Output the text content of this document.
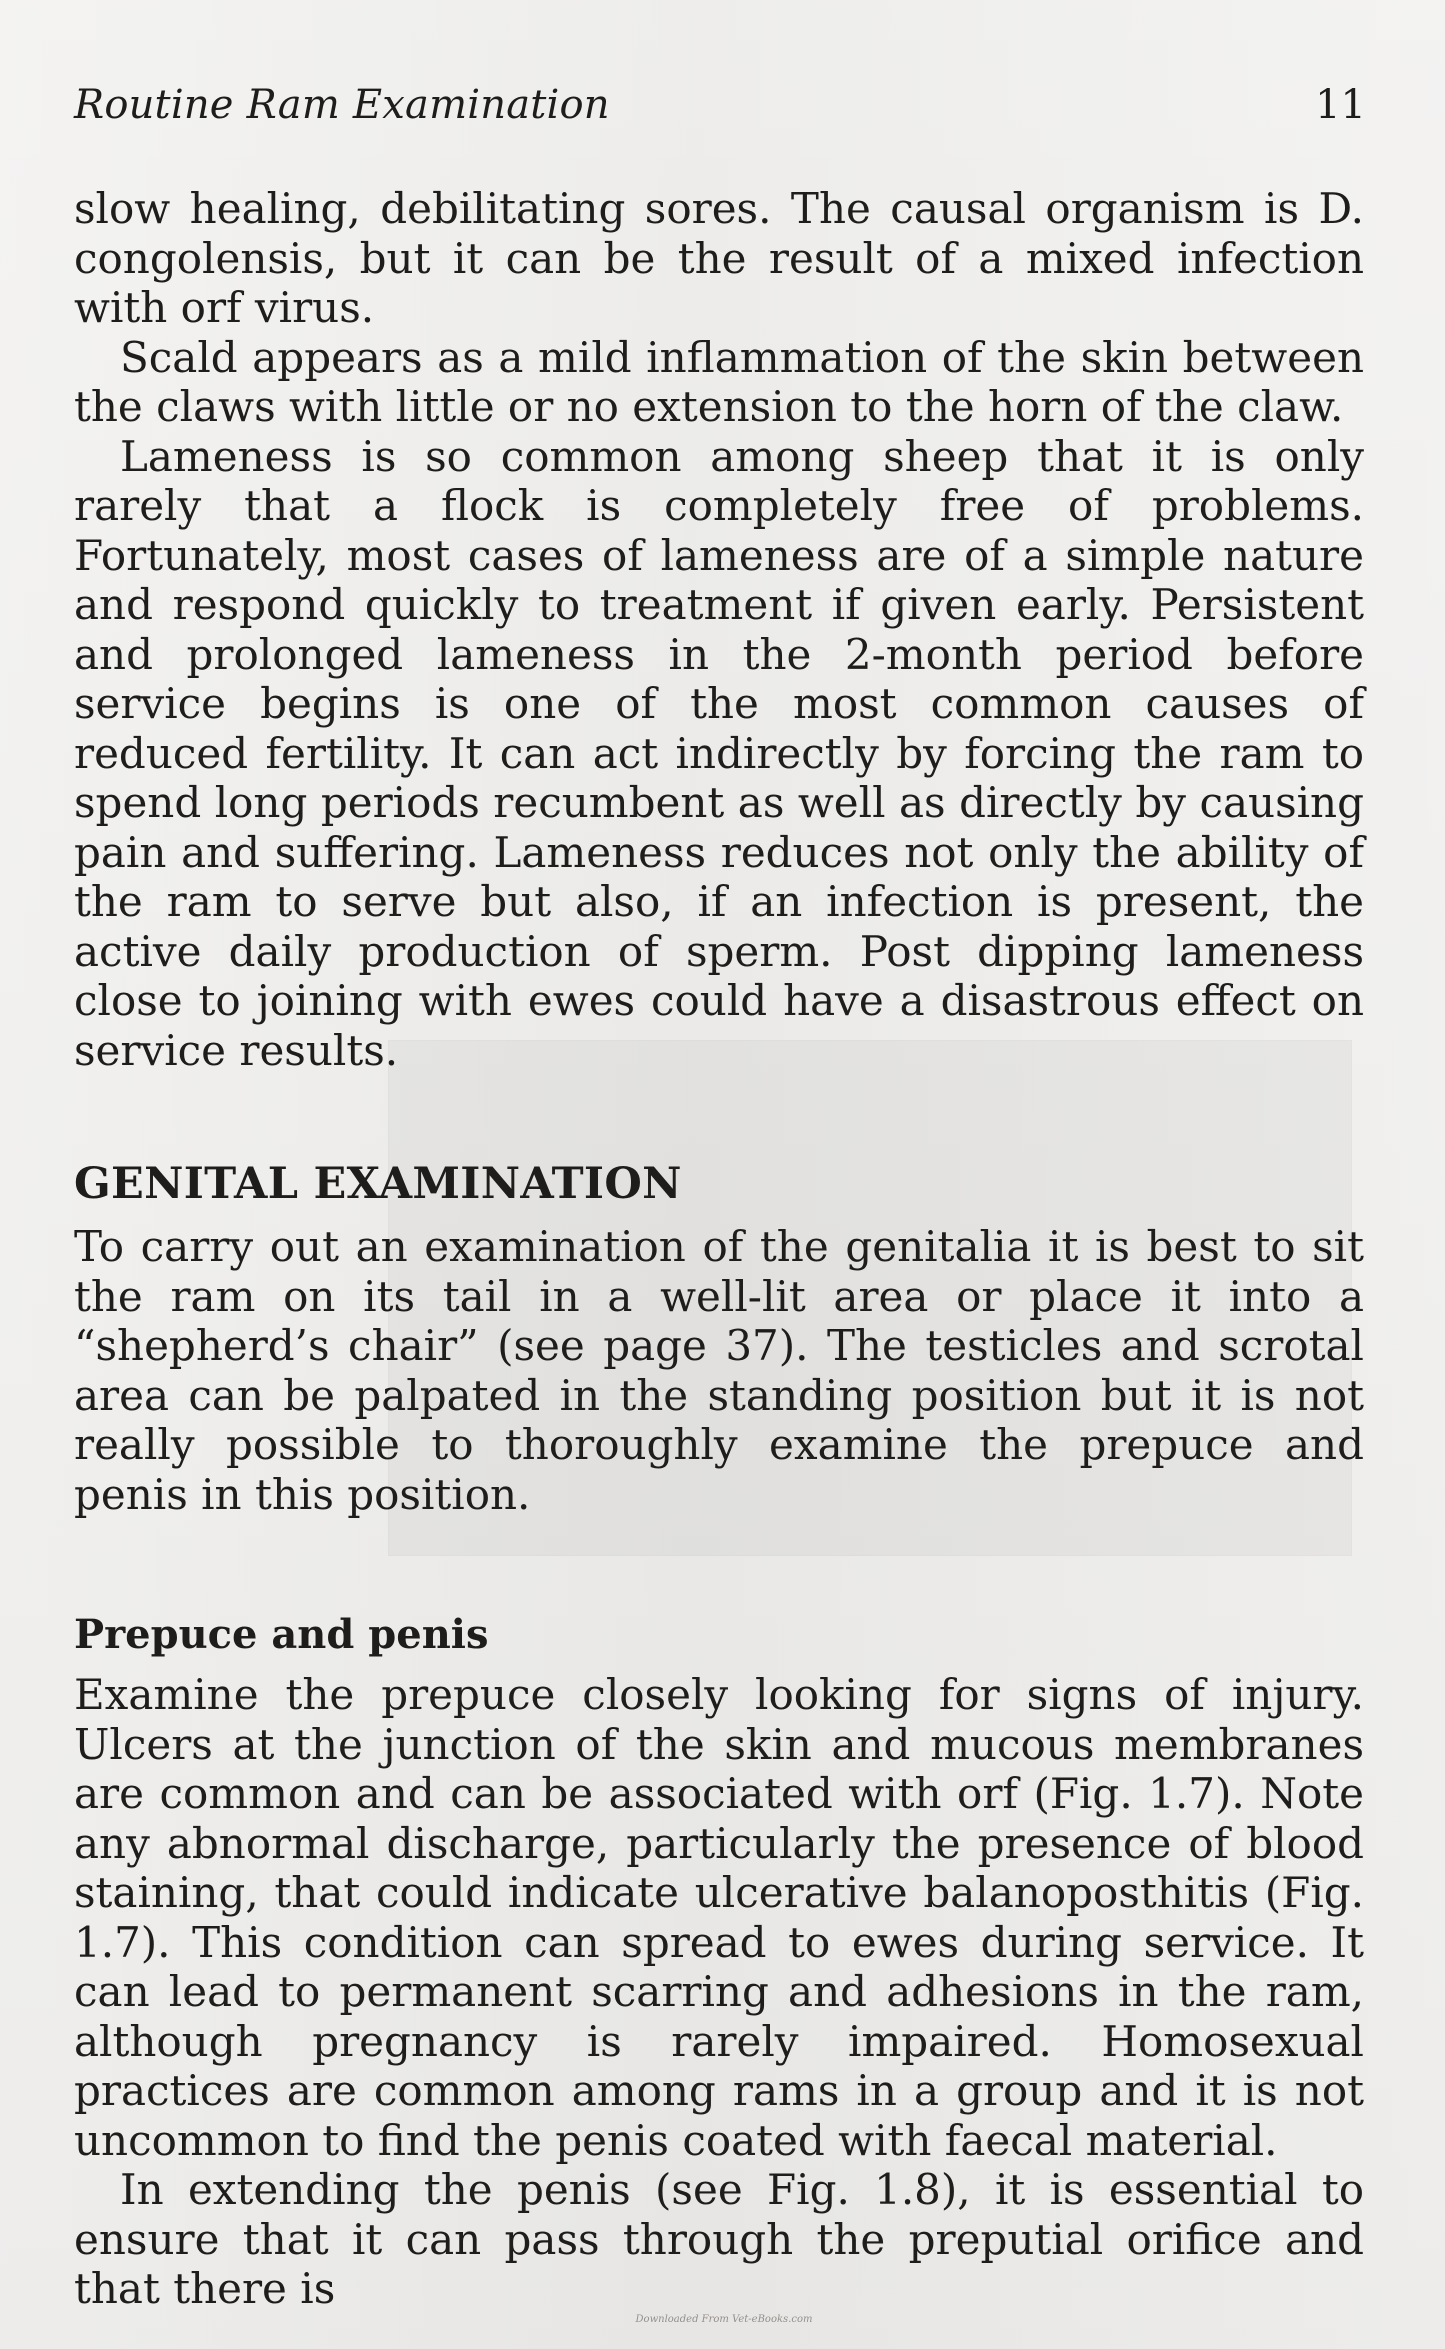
Routine Ram Examination	11

slow healing, debilitating sores. The causal organism is D. congolensis, but it can be the result of a mixed infection with orf virus.

Scald appears as a mild inflammation of the skin between the claws with little or no extension to the horn of the claw.

Lameness is so common among sheep that it is only rarely that a flock is completely free of problems. Fortunately, most cases of lameness are of a simple nature and respond quickly to treatment if given early. Persistent and prolonged lameness in the 2-month period before service begins is one of the most common causes of reduced fertility. It can act indirectly by forcing the ram to spend long periods recumbent as well as directly by causing pain and suffering. Lameness reduces not only the ability of the ram to serve but also, if an infection is present, the active daily production of sperm. Post dipping lameness close to joining with ewes could have a disastrous effect on service results.

GENITAL EXAMINATION

To carry out an examination of the genitalia it is best to sit the ram on its tail in a well-lit area or place it into a “shepherd’s chair” (see page 37). The testicles and scrotal area can be palpated in the standing position but it is not really possible to thoroughly examine the prepuce and penis in this position.

Prepuce and penis

Examine the prepuce closely looking for signs of injury. Ulcers at the junction of the skin and mucous membranes are common and can be associated with orf (Fig. 1.7). Note any abnormal discharge, particularly the presence of blood staining, that could indicate ulcerative balanoposthitis (Fig. 1.7). This condition can spread to ewes during service. It can lead to permanent scarring and adhesions in the ram, although pregnancy is rarely impaired. Homosexual practices are common among rams in a group and it is not uncommon to find the penis coated with faecal material.

In extending the penis (see Fig. 1.8), it is essential to ensure that it can pass through the preputial orifice and that there is

Downloaded From Vet-eBooks.com
